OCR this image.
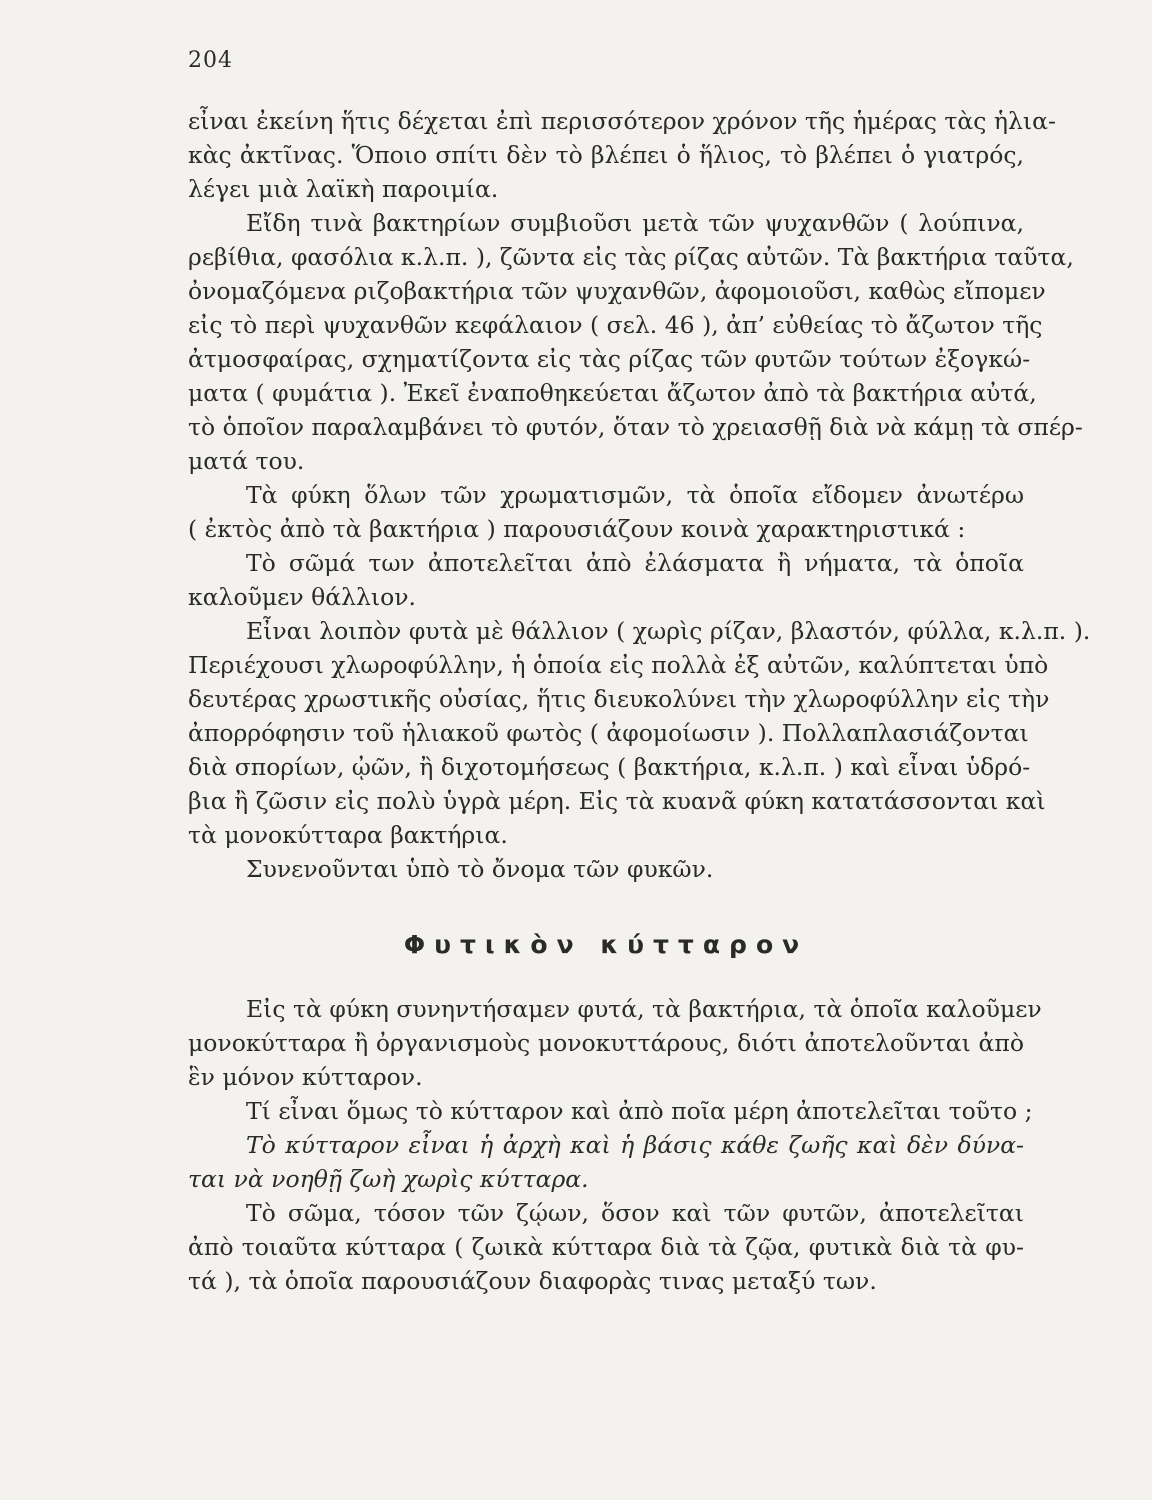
204
εἶναι ἐκείνη ἥτις δέχεται ἐπὶ περισσότερον χρόνον τῆς ἡμέρας τὰς ἡλια-
κὰς ἀκτῖνας. Ὅποιο σπίτι δὲν τὸ βλέπει ὁ ἥλιος, τὸ βλέπει ὁ γιατρός,
λέγει μιὰ λαϊκὴ παροιμία.
Εἴδη τινὰ βακτηρίων συμβιοῦσι μετὰ τῶν ψυχανθῶν ( λούπινα,
ρεβίθια, φασόλια κ.λ.π. ), ζῶντα εἰς τὰς ρίζας αὐτῶν. Τὰ βακτήρια ταῦτα,
ὀνομαζόμενα ριζοβακτήρια τῶν ψυχανθῶν, ἀφομοιοῦσι, καθὼς εἴπομεν
εἰς τὸ περὶ ψυχανθῶν κεφάλαιον ( σελ. 46 ), ἀπ’ εὐθείας τὸ ἄζωτον τῆς
ἀτμοσφαίρας, σχηματίζοντα εἰς τὰς ρίζας τῶν φυτῶν τούτων ἐξογκώ-
ματα ( φυμάτια ). Ἐκεῖ ἐναποθηκεύεται ἄζωτον ἀπὸ τὰ βακτήρια αὐτά,
τὸ ὁποῖον παραλαμβάνει τὸ φυτόν, ὅταν τὸ χρειασθῇ διὰ νὰ κάμῃ τὰ σπέρ-
ματά του.
Τὰ φύκη ὅλων τῶν χρωματισμῶν, τὰ ὁποῖα εἴδομεν ἀνωτέρω
( ἐκτὸς ἀπὸ τὰ βακτήρια ) παρουσιάζουν κοινὰ χαρακτηριστικά :
Τὸ σῶμά των ἀποτελεῖται ἀπὸ ἐλάσματα ἢ νήματα, τὰ ὁποῖα
καλοῦμεν θάλλιον.
Εἶναι λοιπὸν φυτὰ μὲ θάλλιον ( χωρὶς ρίζαν, βλαστόν, φύλλα, κ.λ.π. ).
Περιέχουσι χλωροφύλλην, ἡ ὁποία εἰς πολλὰ ἐξ αὐτῶν, καλύπτεται ὑπὸ
δευτέρας χρωστικῆς οὐσίας, ἥτις διευκολύνει τὴν χλωροφύλλην εἰς τὴν
ἀπορρόφησιν τοῦ ἡλιακοῦ φωτὸς ( ἀφομοίωσιν ). Πολλαπλασιάζονται
διὰ σπορίων, ᾠῶν, ἢ διχοτομήσεως ( βακτήρια, κ.λ.π. ) καὶ εἶναι ὑδρό-
βια ἢ ζῶσιν εἰς πολὺ ὑγρὰ μέρη. Εἰς τὰ κυανᾶ φύκη κατατάσσονται καὶ
τὰ μονοκύτταρα βακτήρια.
Συνενοῦνται ὑπὸ τὸ ὄνομα τῶν φυκῶν.
Φυτικὸν κύτταρον
Εἰς τὰ φύκη συνηντήσαμεν φυτά, τὰ βακτήρια, τὰ ὁποῖα καλοῦμεν
μονοκύτταρα ἢ ὀργανισμοὺς μονοκυττάρους, διότι ἀποτελοῦνται ἀπὸ
ἓν μόνον κύτταρον.
Τί εἶναι ὅμως τὸ κύτταρον καὶ ἀπὸ ποῖα μέρη ἀποτελεῖται τοῦτο ;
Τὸ κύτταρον εἶναι ἡ ἀρχὴ καὶ ἡ βάσις κάθε ζωῆς καὶ δὲν δύνα-
ται νὰ νοηθῇ ζωὴ χωρὶς κύτταρα.
Τὸ σῶμα, τόσον τῶν ζῴων, ὅσον καὶ τῶν φυτῶν, ἀποτελεῖται
ἀπὸ τοιαῦτα κύτταρα ( ζωικὰ κύτταρα διὰ τὰ ζῷα, φυτικὰ διὰ τὰ φυ-
τά ), τὰ ὁποῖα παρουσιάζουν διαφορὰς τινας μεταξύ των.
